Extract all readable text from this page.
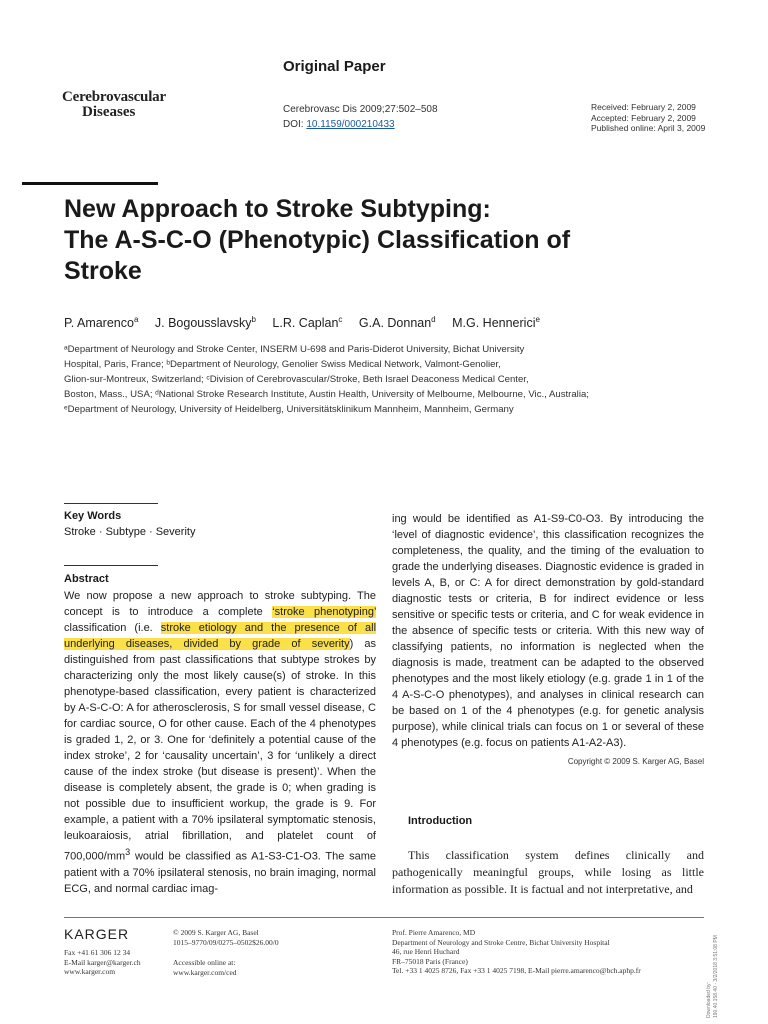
Cerebrovascular
Diseases
Original Paper
Cerebrovasc Dis 2009;27:502–508
DOI: 10.1159/000210433
Received: February 2, 2009
Accepted: February 2, 2009
Published online: April 3, 2009
New Approach to Stroke Subtyping:
The A-S-C-O (Phenotypic) Classification of
Stroke
P. Amarenco$^a$ J. Bogousslavsky$^b$ L.R. Caplan$^c$ G.A. Donnan$^d$ M.G. Hennerici$^e$
ᵃDepartment of Neurology and Stroke Center, INSERM U-698 and Paris-Diderot University, Bichat University
Hospital, Paris, France; ᵇDepartment of Neurology, Genolier Swiss Medical Network, Valmont-Genolier,
Glion-sur-Montreux, Switzerland; ᶜDivision of Cerebrovascular/Stroke, Beth Israel Deaconess Medical Center,
Boston, Mass., USA; ᵈNational Stroke Research Institute, Austin Health, University of Melbourne, Melbourne, Vic., Australia;
ᵉDepartment of Neurology, University of Heidelberg, Universitätsklinikum Mannheim, Mannheim, Germany
Key Words
Stroke · Subtype · Severity
Abstract
We now propose a new approach to stroke subtyping. The concept is to introduce a complete ‘stroke phenotyping’ classification (i.e. stroke etiology and the presence of all underlying diseases, divided by grade of severity) as distinguished from past classifications that subtype strokes by characterizing only the most likely cause(s) of stroke. In this phenotype-based classification, every patient is characterized by A-S-C-O: A for atherosclerosis, S for small vessel disease, C for cardiac source, O for other cause. Each of the 4 phenotypes is graded 1, 2, or 3. One for ‘definitely a potential cause of the index stroke’, 2 for ‘causality uncertain’, 3 for ‘unlikely a direct cause of the index stroke (but disease is present)’. When the disease is completely absent, the grade is 0; when grading is not possible due to insufficient workup, the grade is 9. For example, a patient with a 70% ipsilateral symptomatic stenosis, leukoaraiosis, atrial fibrillation, and platelet count of $700,000/mm^3$ would be classified as A1-S3-C1-O3. The same patient with a 70% ipsilateral stenosis, no brain imaging, normal ECG, and normal cardiac imag-
ing would be identified as A1-S9-C0-O3. By introducing the ‘level of diagnostic evidence’, this classification recognizes the completeness, the quality, and the timing of the evaluation to grade the underlying diseases. Diagnostic evidence is graded in levels A, B, or C: A for direct demonstration by gold-standard diagnostic tests or criteria, B for indirect evidence or less sensitive or specific tests or criteria, and C for weak evidence in the absence of specific tests or criteria. With this new way of classifying patients, no information is neglected when the diagnosis is made, treatment can be adapted to the observed phenotypes and the most likely etiology (e.g. grade 1 in 1 of the 4 A-S-C-O phenotypes), and analyses in clinical research can be based on 1 of the 4 phenotypes (e.g. for genetic analysis purpose), while clinical trials can focus on 1 or several of these 4 phenotypes (e.g. focus on patients A1-A2-A3).
Copyright © 2009 S. Karger AG, Basel
Introduction
This classification system defines clinically and pathogenically meaningful groups, while losing as little information as possible. It is factual and not interpretative, and
KARGER
Fax +41 61 306 12 34
E-Mail karger@karger.ch
www.karger.com
© 2009 S. Karger AG, Basel
1015–9770/09/0275–0502$26.00/0
Accessible online at:
www.karger.com/ced
Prof. Pierre Amarenco, MD
Department of Neurology and Stroke Centre, Bichat University Hospital
46, rue Henri Huchard
FR–75018 Paris (France)
Tel. +33 1 4025 8726, Fax +33 1 4025 7198, E-Mail pierre.amarenco@bch.aphp.fr
Downloaded by: 190.40.158.40 - 3/2/2018 3:51:08 PM
